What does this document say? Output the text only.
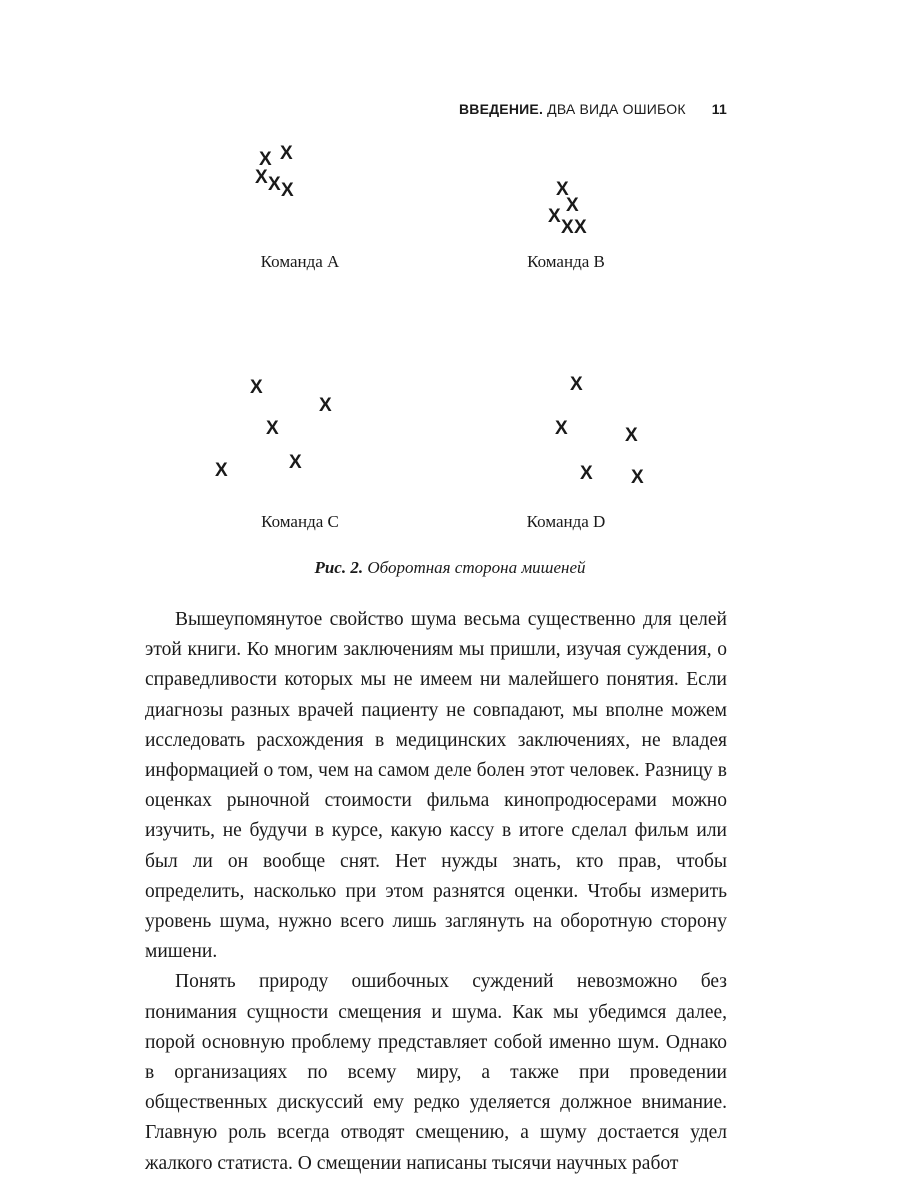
ВВЕДЕНИЕ. ДВА ВИДА ОШИБОК 11
X X
X X X
Команда A
X
X
X
X X
Команда B
X
X
X
X
X
Команда C
X
X	X
X X
Команда D
Рис. 2. Оборотная сторона мишеней

Вышеупомянутое свойство шума весьма существенно для целей этой книги. Ко многим заключениям мы пришли, изучая суждения, о справедливости которых мы не имеем ни малейшего понятия. Если диагнозы разных врачей пациенту не совпадают, мы вполне можем исследовать расхождения в медицинских заключениях, не владея информацией о том, чем на самом деле болен этот человек. Разницу в оценках рыночной стоимости фильма кинопродюсерами можно изучить, не будучи в курсе, какую кассу в итоге сделал фильм или был ли он вообще снят. Нет нужды знать, кто прав, чтобы определить, насколько при этом разнятся оценки. Чтобы измерить уровень шума, нужно всего лишь заглянуть на оборотную сторону мишени.

Понять природу ошибочных суждений невозможно без понимания сущности смещения и шума. Как мы убедимся далее, порой основную проблему представляет собой именно шум. Однако в организациях по всему миру, а также при проведении общественных дискуссий ему редко уделяется должное внимание. Главную роль всегда отводят смещению, а шуму достается удел жалкого статиста. О смещении написаны тысячи научных работ
